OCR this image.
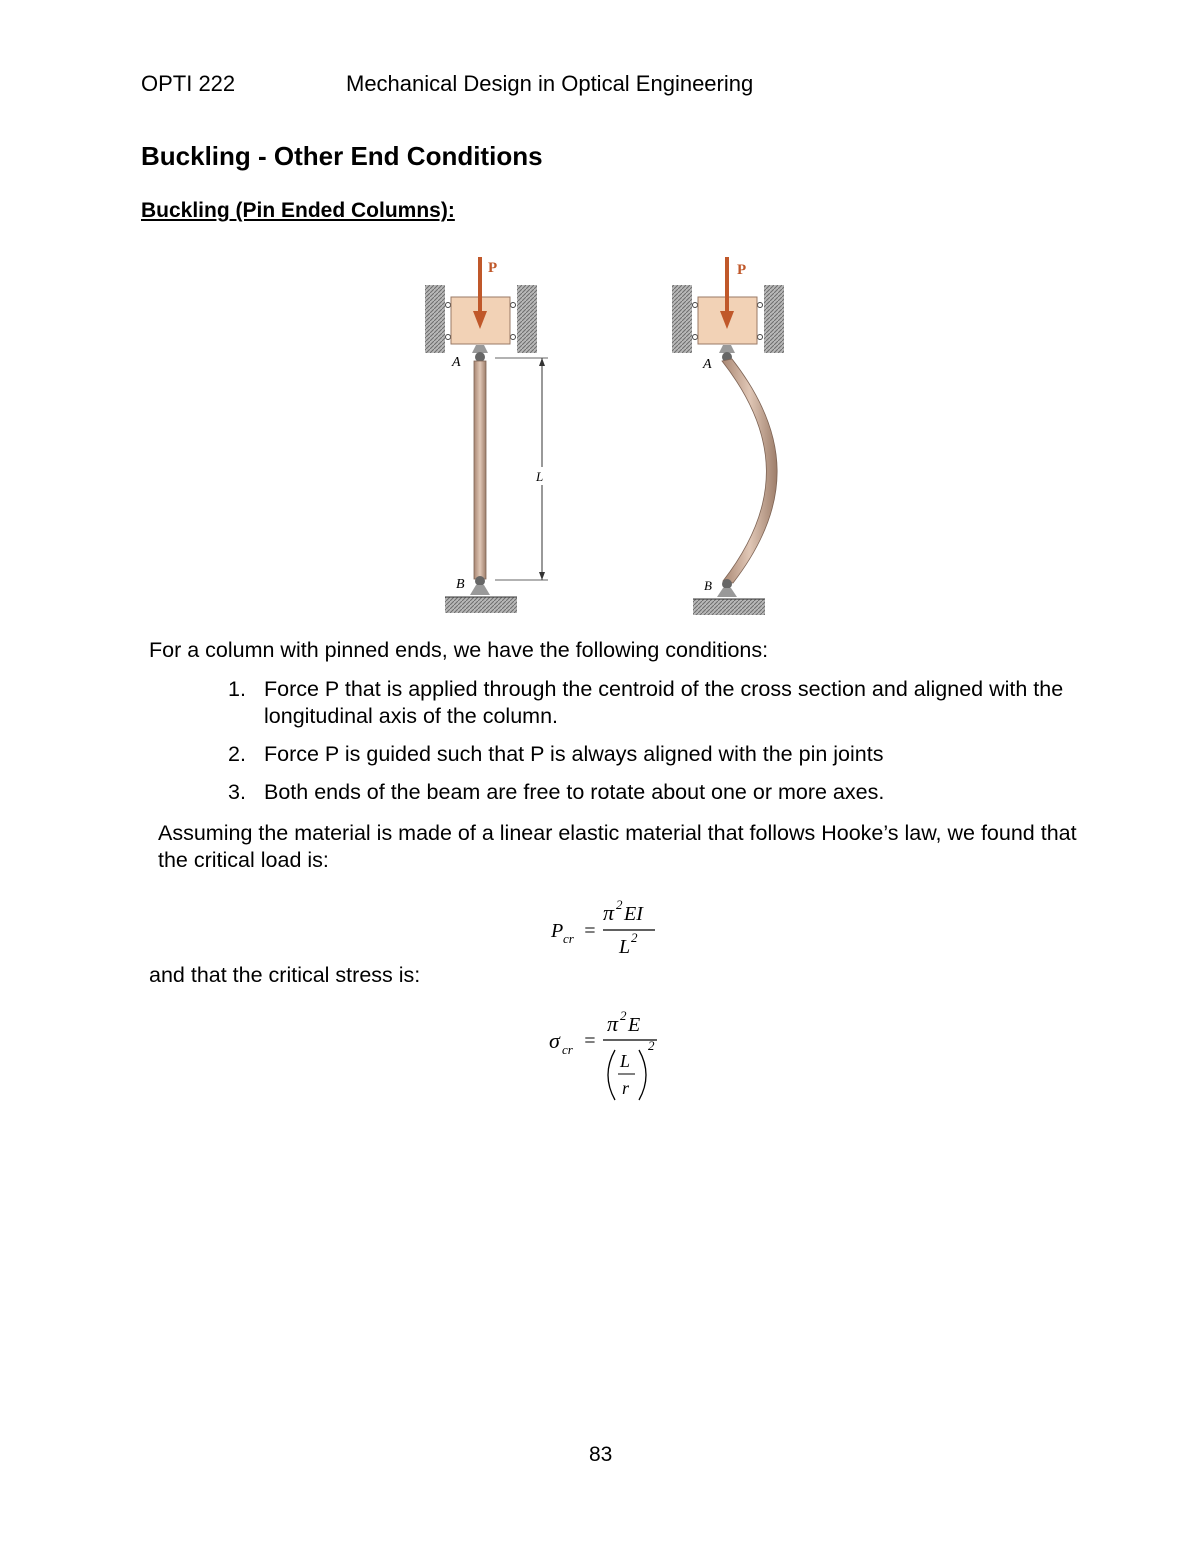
OPTI 222	Mechanical Design in Optical Engineering
Buckling - Other End Conditions
Buckling (Pin Ended Columns):
P
A
B
L
P
A
B
For a column with pinned ends, we have the following conditions:
1. Force P that is applied through the centroid of the cross section and aligned with the longitudinal axis of the column.
2. Force P is guided such that P is always aligned with the pin joints
3. Both ends of the beam are free to rotate about one or more axes.
Assuming the material is made of a linear elastic material that follows Hooke’s law, we found that the critical load is:
P cr =
π 2 EI
L 2
and that the critical stress is:
σ cr =
π 2 E
L
r
2
83
